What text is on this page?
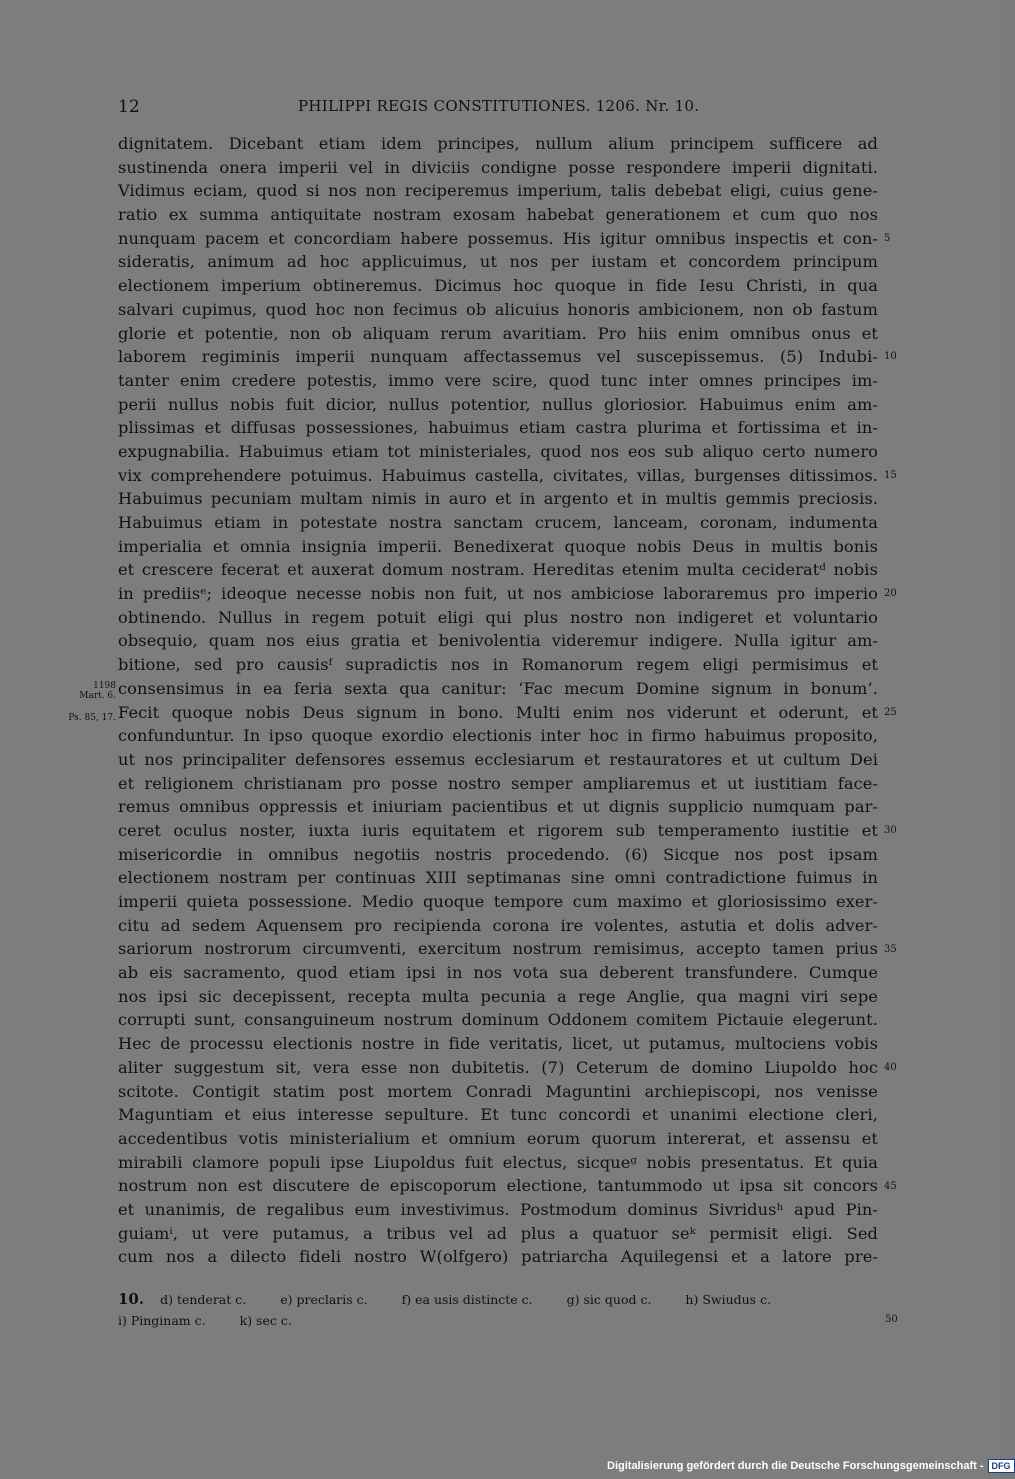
12	PHILIPPI REGIS CONSTITUTIONES. 1206. Nr. 10.
dignitatem. Dicebant etiam idem principes, nullum alium principem sufficere ad
sustinenda onera imperii vel in diviciis condigne posse respondere imperii dignitati.
Vidimus eciam, quod si nos non reciperemus imperium, talis debebat eligi, cuius gene-
ratio ex summa antiquitate nostram exosam habebat generationem et cum quo nos
nunquam pacem et concordiam habere possemus. His igitur omnibus inspectis et con-
sideratis, animum ad hoc applicuimus, ut nos per iustam et concordem principum
electionem imperium obtineremus. Dicimus hoc quoque in fide Iesu Christi, in qua
salvari cupimus, quod hoc non fecimus ob alicuius honoris ambicionem, non ob fastum
glorie et potentie, non ob aliquam rerum avaritiam. Pro hiis enim omnibus onus et
laborem regiminis imperii nunquam affectassemus vel suscepissemus. (5) Indubi-
tanter enim credere potestis, immo vere scire, quod tunc inter omnes principes im-
perii nullus nobis fuit dicior, nullus potentior, nullus gloriosior. Habuimus enim am-
plissimas et diffusas possessiones, habuimus etiam castra plurima et fortissima et in-
expugnabilia. Habuimus etiam tot ministeriales, quod nos eos sub aliquo certo numero
vix comprehendere potuimus. Habuimus castella, civitates, villas, burgenses ditissimos.
Habuimus pecuniam multam nimis in auro et in argento et in multis gemmis preciosis.
Habuimus etiam in potestate nostra sanctam crucem, lanceam, coronam, indumenta
imperialia et omnia insignia imperii. Benedixerat quoque nobis Deus in multis bonis
et crescere fecerat et auxerat domum nostram. Hereditas etenim multa cecideratᵈ nobis
in prediisᵉ; ideoque necesse nobis non fuit, ut nos ambiciose laboraremus pro imperio
obtinendo. Nullus in regem potuit eligi qui plus nostro non indigeret et voluntario
obsequio, quam nos eius gratia et benivolentia videremur indigere. Nulla igitur am-
bitione, sed pro causisᶠ supradictis nos in Romanorum regem eligi permisimus et
consensimus in ea feria sexta qua canitur: ‘Fac mecum Domine signum in bonum’.
Fecit quoque nobis Deus signum in bono. Multi enim nos viderunt et oderunt, et
confunduntur. In ipso quoque exordio electionis inter hoc in firmo habuimus proposito,
ut nos principaliter defensores essemus ecclesiarum et restauratores et ut cultum Dei
et religionem christianam pro posse nostro semper ampliaremus et ut iustitiam face-
remus omnibus oppressis et iniuriam pacientibus et ut dignis supplicio numquam par-
ceret oculus noster, iuxta iuris equitatem et rigorem sub temperamento iustitie et
misericordie in omnibus negotiis nostris procedendo. (6) Sicque nos post ipsam
electionem nostram per continuas XIII septimanas sine omni contradictione fuimus in
imperii quieta possessione. Medio quoque tempore cum maximo et gloriosissimo exer-
citu ad sedem Aquensem pro recipienda corona ire volentes, astutia et dolis adver-
sariorum nostrorum circumventi, exercitum nostrum remisimus, accepto tamen prius
ab eis sacramento, quod etiam ipsi in nos vota sua deberent transfundere. Cumque
nos ipsi sic decepissent, recepta multa pecunia a rege Anglie, qua magni viri sepe
corrupti sunt, consanguineum nostrum dominum Oddonem comitem Pictauie elegerunt.
Hec de processu electionis nostre in fide veritatis, licet, ut putamus, multociens vobis
aliter suggestum sit, vera esse non dubitetis. (7) Ceterum de domino Liupoldo hoc
scitote. Contigit statim post mortem Conradi Maguntini archiepiscopi, nos venisse
Maguntiam et eius interesse sepulture. Et tunc concordi et unanimi electione cleri,
accedentibus votis ministerialium et omnium eorum quorum intererat, et assensu et
mirabili clamore populi ipse Liupoldus fuit electus, sicqueᵍ nobis presentatus. Et quia
nostrum non est discutere de episcoporum electione, tantummodo ut ipsa sit concors
et unanimis, de regalibus eum investivimus. Postmodum dominus Sivridusʰ apud Pin-
guiamⁱ, ut vere putamus, a tribus vel ad plus a quatuor seᵏ permisit eligi. Sed
cum nos a dilecto fideli nostro W(olfgero) patriarcha Aquilegensi et a latore pre-
5
10
15
20
25
30
35
40
45
1198
Mart. 6.
Ps. 85, 17.
10. d) tenderat c.	e) preclaris c.	f) ea usis distincte c.	g) sic quod c.	h) Swiudus c.
i) Pinginam c.	k) sec c.	50
Digitalisierung gefördert durch die Deutsche Forschungsgemeinschaft - DFG
